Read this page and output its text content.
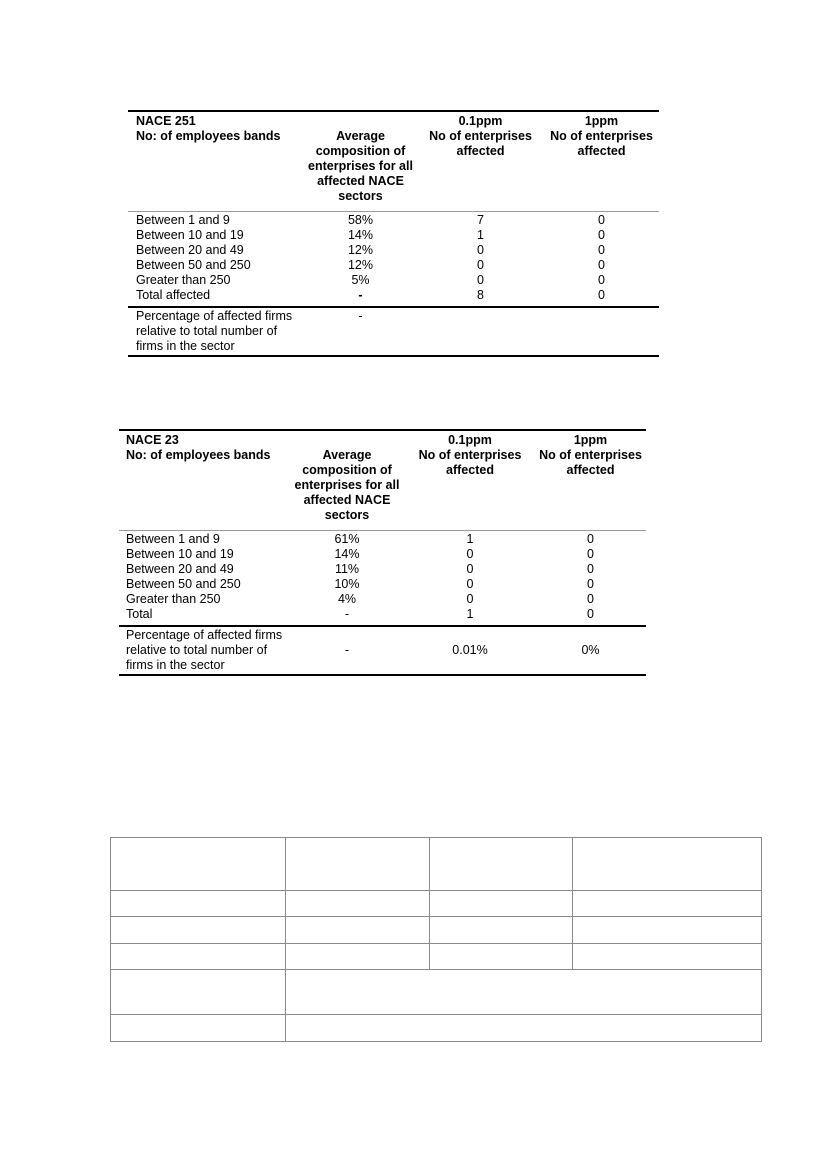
NACE 251		0.1ppm	1ppm
No: of employees bands	Average composition of enterprises for all affected NACE sectors	No of enterprises affected	No of enterprises affected
Between 1 and 9	58%	7	0
Between 10 and 19	14%	1	0
Between 20 and 49	12%	0	0
Between 50 and 250	12%	0	0
Greater than 250	5%	0	0
Total affected	-	8	0
Percentage of affected firms relative to total number of firms in the sector	-		
NACE 23		0.1ppm	1ppm
No: of employees bands	Average composition of enterprises for all affected NACE sectors	No of enterprises affected	No of enterprises affected
Between 1 and 9	61%	1	0
Between 10 and 19	14%	0	0
Between 20 and 49	11%	0	0
Between 50 and 250	10%	0	0
Greater than 250	4%	0	0
Total	-	1	0
Percentage of affected firms relative to total number of firms in the sector	-	0.01%	0%
